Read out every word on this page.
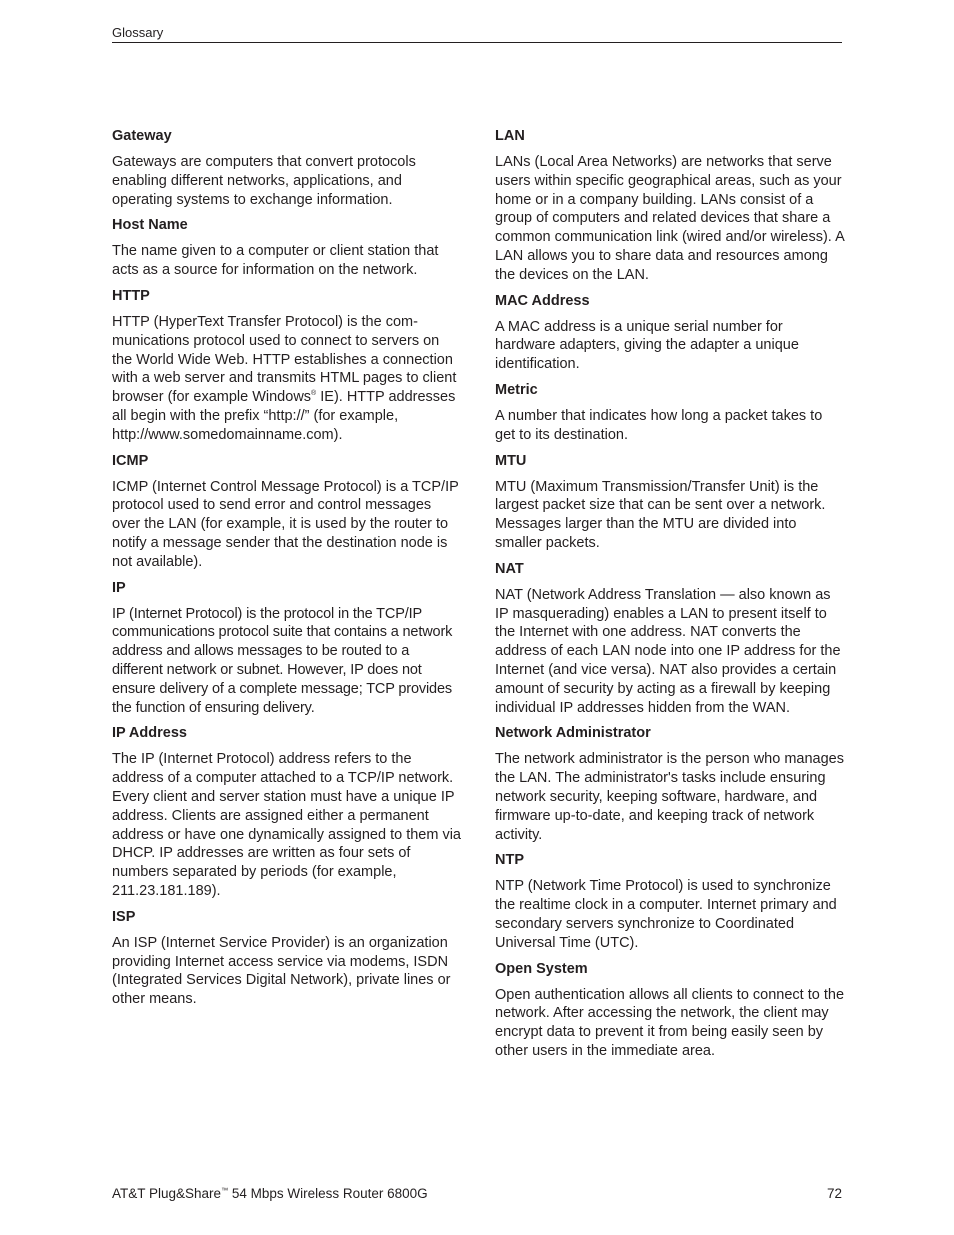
Glossary
Gateway
Gateways are computers that convert protocols enabling different networks, applications, and operating systems to exchange information.
Host Name
The name given to a computer or client station that acts as a source for information on the network.
HTTP
HTTP (HyperText Transfer Protocol) is the communications protocol used to connect to servers on the World Wide Web. HTTP establishes a connection with a web server and transmits HTML pages to client browser (for example Windows® IE). HTTP addresses all begin with the prefix “http://” (for example, http://www.somedomainname.com).
ICMP
ICMP (Internet Control Message Protocol) is a TCP/IP protocol used to send error and control messages over the LAN (for example, it is used by the router to notify a message sender that the destination node is not available).
IP
IP (Internet Protocol) is the protocol in the TCP/IP communications protocol suite that contains a network address and allows messages to be routed to a different network or subnet. However, IP does not ensure delivery of a complete message; TCP provides the function of ensuring delivery.
IP Address
The IP (Internet Protocol) address refers to the address of a computer attached to a TCP/IP network. Every client and server station must have a unique IP address. Clients are assigned either a permanent address or have one dynamically assigned to them via DHCP. IP addresses are written as four sets of numbers separated by periods (for example, 211.23.181.189).
ISP
An ISP (Internet Service Provider) is an organization providing Internet access service via modems, ISDN (Integrated Services Digital Network), private lines or other means.
LAN
LANs (Local Area Networks) are networks that serve users within specific geographical areas, such as your home or in a company building. LANs consist of a group of computers and related devices that share a common communication link (wired and/or wireless). A LAN allows you to share data and resources among the devices on the LAN.
MAC Address
A MAC address is a unique serial number for hardware adapters, giving the adapter a unique identification.
Metric
A number that indicates how long a packet takes to get to its destination.
MTU
MTU (Maximum Transmission/Transfer Unit) is the largest packet size that can be sent over a network. Messages larger than the MTU are divided into smaller packets.
NAT
NAT (Network Address Translation — also known as IP masquerading) enables a LAN to present itself to the Internet with one address. NAT converts the address of each LAN node into one IP address for the Internet (and vice versa). NAT also provides a certain amount of security by acting as a firewall by keeping individual IP addresses hidden from the WAN.
Network Administrator
The network administrator is the person who manages the LAN. The administrator's tasks include ensuring network security, keeping software, hardware, and firmware up-to-date, and keeping track of network activity.
NTP
NTP (Network Time Protocol) is used to synchronize the realtime clock in a computer. Internet primary and secondary servers synchronize to Coordinated Universal Time (UTC).
Open System
Open authentication allows all clients to connect to the network. After accessing the network, the client may encrypt data to prevent it from being easily seen by other users in the immediate area.
AT&T Plug&Share™ 54 Mbps Wireless Router 6800G	72
